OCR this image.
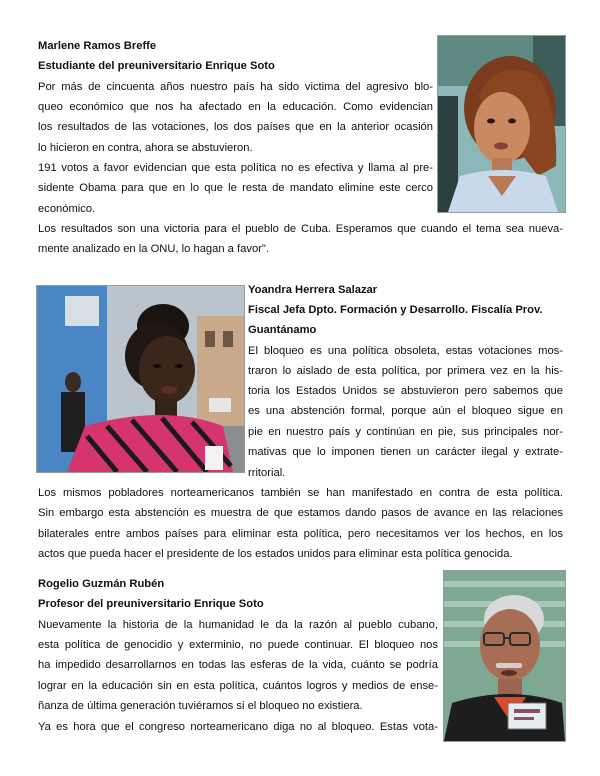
Marlene Ramos Breffe
Estudiante del preuniversitario Enrique Soto
Por más de cincuenta años nuestro país ha sido victima del agresivo blo-
queo económico que nos ha afectado en la educación. Como evidencian
los resultados de las votaciones, los dos países que en la anterior ocasión
lo hicieron en contra, ahora se abstuvieron.
191 votos a favor evidencian que esta política no es efectiva y llama al pre-
sidente Obama para que en lo que le resta de mandato elimine este cerco
económico.
Los resultados son una victoria para el pueblo de Cuba. Esperamos que cuando el tema sea nueva-
mente analizado en la ONU, lo hagan a favor".
Yoandra Herrera Salazar
Fiscal Jefa Dpto. Formación y Desarrollo. Fiscalía Prov.
Guantánamo
El bloqueo es una política obsoleta, estas votaciones mos-
traron lo aislado de esta política, por primera vez en la his-
toria los Estados Unidos se abstuvieron pero sabemos que
es una abstención formal, porque aún el bloqueo sigue en
pie en nuestro país y continúan en pie, sus principales nor-
mativas que lo imponen tienen un carácter ilegal y extrate-
rritorial.
Los mismos pobladores norteamericanos también se han manifestado en contra de esta política.
Sin embargo esta abstención es muestra de que estamos dando pasos de avance en las relaciones
bilaterales entre ambos países para eliminar esta política, pero necesitamos ver los hechos, en los
actos que pueda hacer el presidente de los estados unidos para eliminar esta política genocida.
Rogelio Guzmán Rubén
Profesor del preuniversitario Enrique Soto
Nuevamente la historia de la humanidad le da la razón al pueblo cubano,
esta política de genocidio y exterminio, no puede continuar. El bloqueo nos
ha impedido desarrollarnos en todas las esferas de la vida, cuánto se podría
lograr en la educación sin en esta política, cuántos logros y medios de ense-
ñanza de última generación tuviéramos si el bloqueo no existiera.
Ya es hora que el congreso norteamericano diga no al bloqueo. Estas vota-
